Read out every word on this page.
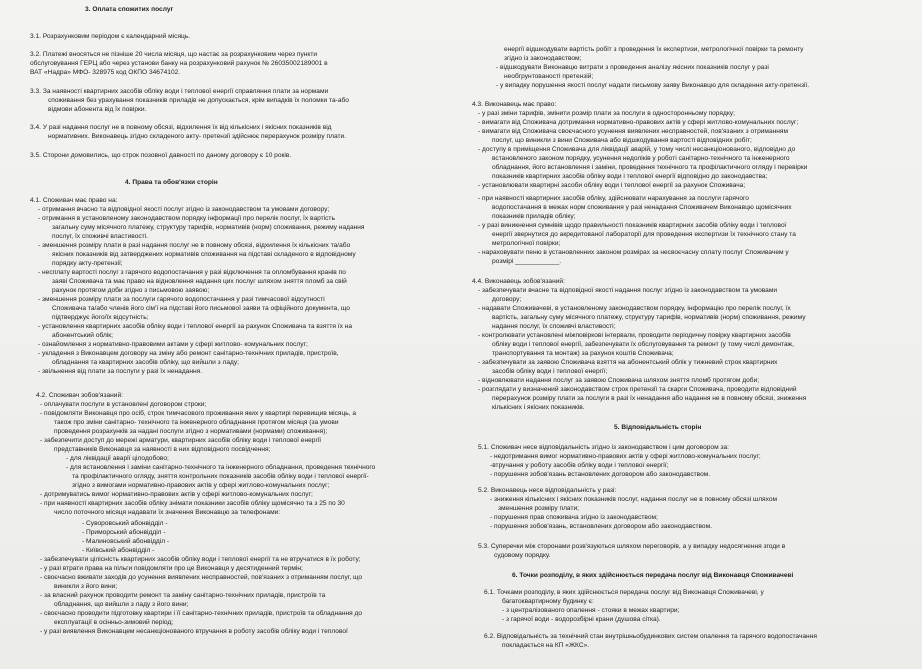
3. Оплата спожитих послуг
3.1. Розрахунковим періодом є календарний місяць.
3.2. Платежі вносяться не пізніше 20 числа місяця, що настає за розрахунковим через пункти
обслуговування ГЕРЦ або через установи банку на розрахунковий рахунок № 26035002189001 в
ВАТ «Надра» МФО- 328975 код ОКПО 34674102.
3.3. За наявності квартирних засобів обліку води і теплової енергії справляння плати за нормами
споживання без урахування показників приладів не допускається, крім випадків їх поломки та-або
відмови абонента від їх повірки.
3.4. У разі надання послуг не в повному обсязі, відхилення їх від кількісних і якісних показників від
нормативних. Виконавець згідно складеного акту- претензії здійснює перерахунок розміру плати.
3.5. Сторони домовились, що строк позовної давності по даному договору є 10 років.
4. Права та обов'язки сторін
4.1. Споживач має право на:
- отримання вчасно та відповідної якості послуг згідно із законодавством та умовами договору;
- отримання в установленому законодавством порядку інформації про перелік послуг, їх вартість
загальну суму місячного платежу, структуру тарифів, нормативів (норм) споживання, режиму надання
послуг, їх споживчі властивості.
- зменшення розміру плати в разі надання послуг не в повному обсязі, відхилення їх кількісних та/або
якісних показників від затверджених нормативів споживання на підставі складеного в відповідному
порядку акту-претензії;
- несплату вартості послуг з гарячого водопостачання у разі відключення та опломбування кранів по
заяві Споживача та має право на відновлення надання цих послуг шляхом зняття пломб за свій
рахунок протягом доби згідно з письмовою заявою;
- зменшення розміру плати за послуги гарячого водопостачання у разі тимчасової відсутності
Споживача та/або членів його сім'ї на підставі його письмової заяви та офіційного документа, що
підтверджує його/їх відсутність;
- установлення квартирних засобів обліку води і теплової енергії за рахунок Споживача та взяття їх на
абонентський облік;
- ознайомлення з нормативно-правовими актами у сфері житлово- комунальних послуг;
- укладення з Виконавцем договору на зміну або ремонт санітарно-технічних приладів, пристроїв,
обладнання та квартирних засобів обліку, що вийшли з ладу;
- звільнення від плати за послуги у разі їх ненадання.
4.2. Споживач зобов'язаний:
- оплачувати послуги в установлені договором строки;
- повідомляти Виконавця про осіб, строк тимчасового проживання яких у квартирі перевищив місяць, а
також про зміни санітарно- технічного та інженерного обладнання протягом місяця (за умови
проведення розрахунків за надані послуги згідно з нормативами (нормами) споживання);
- забезпечити доступ до мережі арматури, квартирних засобів обліку води і теплової енергії
представників Виконавця за наявності в них відповідного посвідчення;
- для ліквідації аварії цілодобово;
- для встановлення і заміни санітарно-технічного та інженерного обладнання, проведення технічного
та профілактичного огляду, зняття контрольних показників засобів обліку води і теплової енергії-
згідно з вимогами нормативно-правових актів у сфері житлово-комунальних послуг;
- дотримуватись вимог нормативно-правових актів у сфері житлово-комунальних послуг;
- при наявності квартирних засобів обліку знімати показники засобів обліку щомісячно та з 25 по 30
число поточного місяця надавати їх значення Виконавцю за телефонами:
- Суворовський абонвідділ -
- Приморський абонвідділ -
- Малиновський абонвідділ -
- Київський абонвідділ -
- забезпечувати цілісність квартирних засобів обліку води і теплової енергії та не втручатися в їх роботу;
- у разі втрати права на пільги повідомляти про це Виконавця у десятиденний термін;
- своєчасно вживати заходів до усунення виявлених несправностей, пов'язаних з отриманням послуг, що
виникли з його вини;
- за власний рахунок проводити ремонт та заміну санітарно-технічних приладів, пристроїв та
обладнання, що вийшли з ладу з його вини;
- своєчасно проводити підготовку квартири і її санітарно-технічних приладів, пристроїв та обладнання до
експлуатації в осінньо-зимовий період;
- у разі виявлення Виконавцем несанкціонованого втручання в роботу засобів обліку води і теплової
енергії відшкодувати вартість робіт з проведення їх експертизи, метрологічної повірки та ремонту
згідно із законодавством;
- відшкодувати Виконавцю витрати з проведення аналізу якісних показників послуг у разі
необгрунтованості претензій;
- у випадку порушення якості послуг надати письмову заяву Виконавцю для складення акту-претензії.
4.3. Виконавець має право:
- у разі зміни тарифів, змінити розмір плати за послуги в односторонньому порядку;
- вимагати від Споживача дотримання нормативно-правових актів у сфері житлово-комунальних послуг;
- вимагати від Споживача своєчасного усунення виявлених несправностей, пов'язаних з отриманням
послуг, що виникли з вини Споживача або відшкодування вартості відповідних робіт;
- доступу в приміщення Споживача для ліквідації аварій, у тому числі несанкціонованого, відповідно до
встановленого законом порядку, усунення недоліків у роботі санітарно-технічного та інженерного
обладнання, його встановлення і заміни, проведення технічного та профілактичного огляду і перевірки
показників квартирних засобів обліку води і теплової енергії відповідно до законодавства;
- установлювати квартирні засоби обліку води і теплової енергії за рахунок Споживача;
- при наявності квартирних засобів обліку, здійснювати нарахування за послуги гарячого
водопостачання в межах норм споживання у разі ненадання Споживачем Виконавцю щомісячних
показників приладів обліку;
- у разі виникнення сумнівів щодо правильності показників квартирних засобів обліку води і теплової
енергії звернутися до акредитованої лабораторії для проведення експертизи їх технічного стану та
метрологічної повірки;
- нараховувати пеню в установленних законом розмірах за несвоєчасну сплату послуг Споживачем у
розмірі ____________.
4.4. Виконавець зобов'язаний:
- забезпечувати вчасне та відповідної якості надання послуг згідно із законодавством та умовами
договору;
- надавати Споживачеві, в установленому законодавством порядку, інформацію про перелік послуг, їх
вартість, загальну суму місячного платежу, структуру тарифів, нормативів (норм) споживання, режиму
надання послуг, їх споживчі властивості;
- контролювати установлені міжповіркові інтервали, проводити періодичну повірку квартирних засобів
обліку води і теплової енергії, забезпечувати їх обслуговування та ремонт (у тому числі демонтаж,
транспортування та монтаж) за рахунок коштів Споживача;
- забезпечувати за заявою Споживача взяття на абонентський облік у тижневий строк квартирних
засобів обліку води і теплової енергії;
- відновлювати надання послуг за заявою Споживача шляхом зняття пломб протягом доби;
- розглядати у визначений законодавством строк претензії та скарги Споживача, проводити відповідний
перерахунок розміру плати за послуги в разі їх ненадання або надання не в повному обсязі, зниження
кількісних і якісних показників.
5. Відповідальність сторін
5.1. Споживач несе відповідальність згідно із законодавством і цим договором за:
- недотримання вимог нормативно-правових актів у сфері житлово-комунальних послуг;
-втручання у роботу засобів обліку води і теплової енергії;
- порушення зобов'язань встановлених договором або законодавством.
5.2. Виконавець несе відповідальність у разі:
- зниження кількісних і якісних показників послуг, надання послуг не в повному обсязі шляхом
зменшення розміру плати;
- порушення прав споживача згідно із законодавством;
- порушення зобов'язань, встановлених договором або законодавством.
5.3. Суперечки між сторонами розв'язуються шляхом переговорів, а у випадку недосягнення згоди в
судовому порядку.
6. Точки розподілу, в яких здійснюється передача послуг від Виконавця Споживачеві
6.1. Точками розподілу, в яких здійснюється передача послуг від Виконавця Споживачеві, у
багатоквартирному будинку є:
- з централізованого опалення - стояки в межах квартири;
- з гарячої води - водорозбірні крани (душова сітка).
6.2. Відповідальність за технічний стан внутрішньобудинкових систем опалення та гарячого водопостачання
покладається на КП «ЖКС».
